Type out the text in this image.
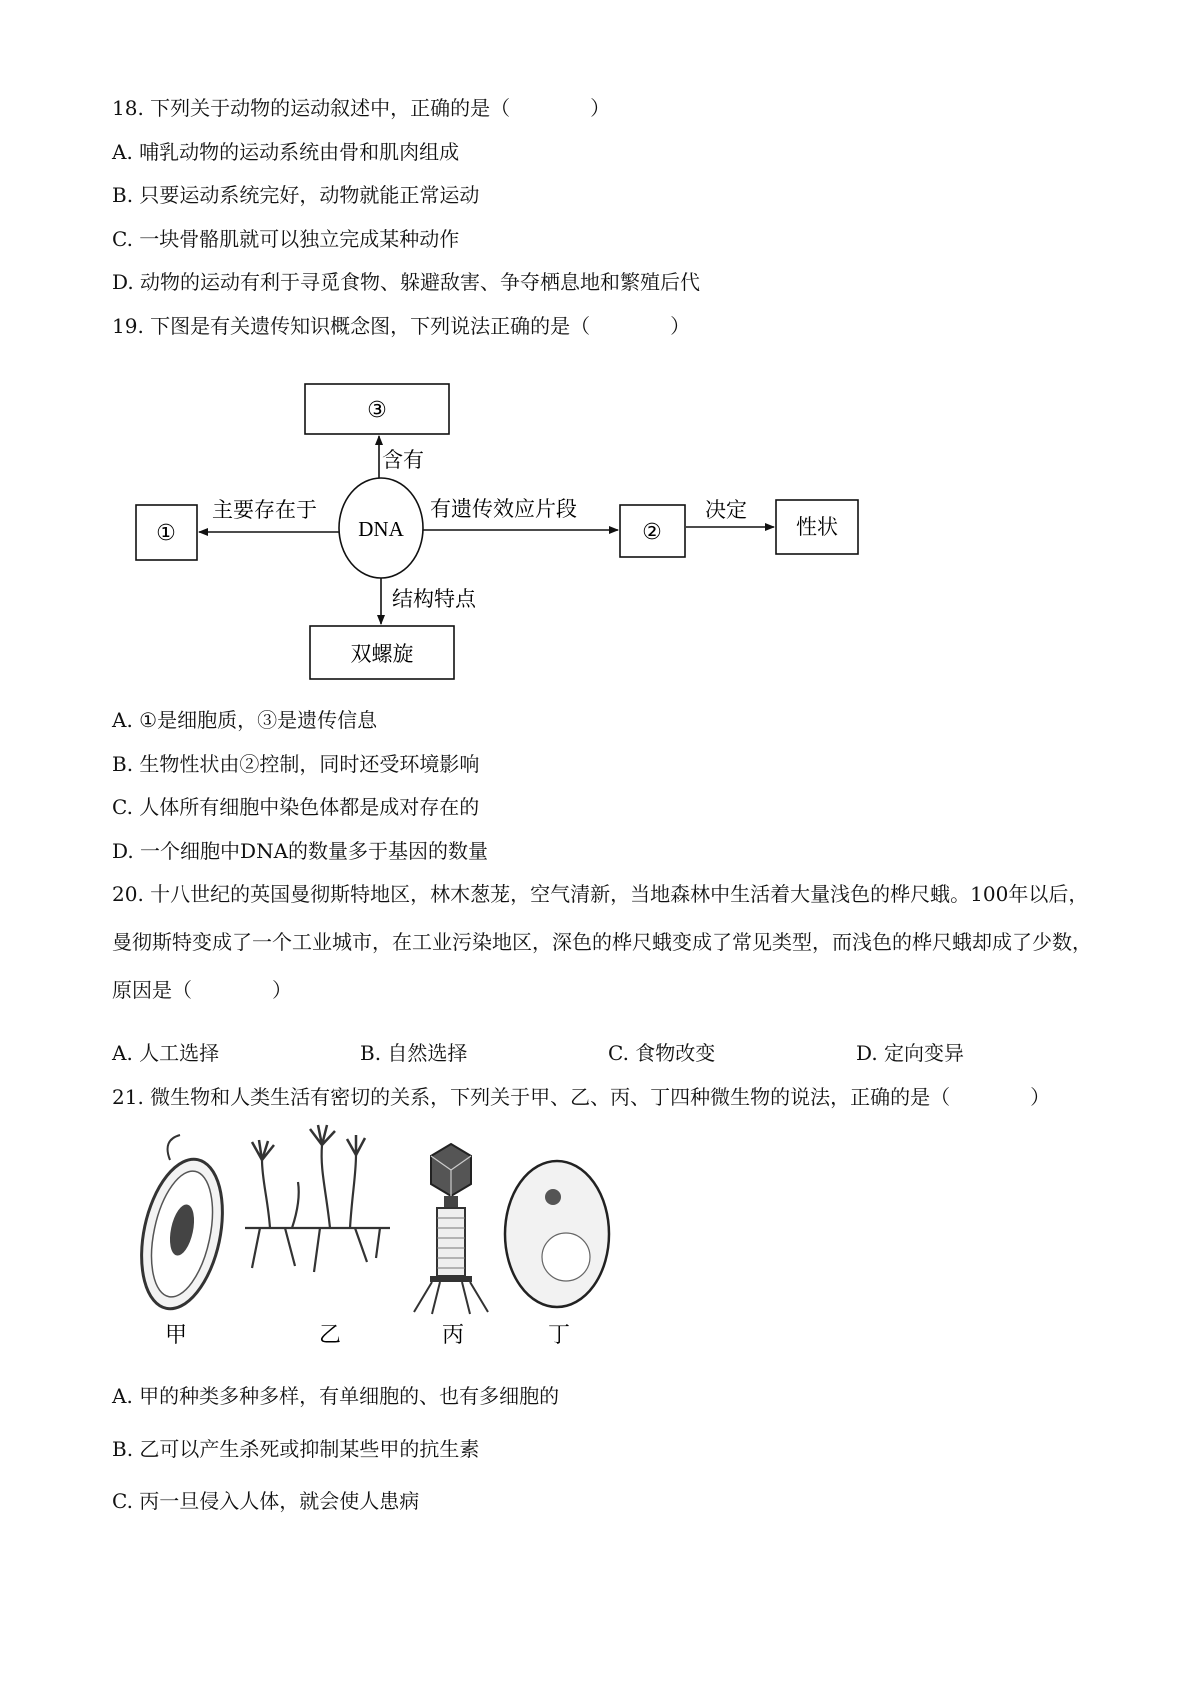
18. 下列关于动物的运动叙述中，正确的是（　　　　）
A. 哺乳动物的运动系统由骨和肌肉组成
B. 只要运动系统完好，动物就能正常运动
C. 一块骨骼肌就可以独立完成某种动作
D. 动物的运动有利于寻觅食物、躲避敌害、争夺栖息地和繁殖后代
19. 下图是有关遗传知识概念图，下列说法正确的是（　　　　）
③
DNA
含有
①
主要存在于
②
有遗传效应片段
性状
决定
结构特点
双螺旋
A. ①是细胞质，③是遗传信息
B. 生物性状由②控制，同时还受环境影响
C. 人体所有细胞中染色体都是成对存在的
D. 一个细胞中DNA的数量多于基因的数量
20. 十八世纪的英国曼彻斯特地区，林木葱茏，空气清新，当地森林中生活着大量浅色的桦尺蛾。100年以后，曼彻斯特变成了一个工业城市，在工业污染地区，深色的桦尺蛾变成了常见类型，而浅色的桦尺蛾却成了少数，原因是（　　　　）
A. 人工选择	B. 自然选择	C. 食物改变	D. 定向变异
21. 微生物和人类生活有密切的关系，下列关于甲、乙、丙、丁四种微生物的说法，正确的是（　　　　）
甲	乙	丙	丁
A. 甲的种类多种多样，有单细胞的、也有多细胞的
B. 乙可以产生杀死或抑制某些甲的抗生素
C. 丙一旦侵入人体，就会使人患病
